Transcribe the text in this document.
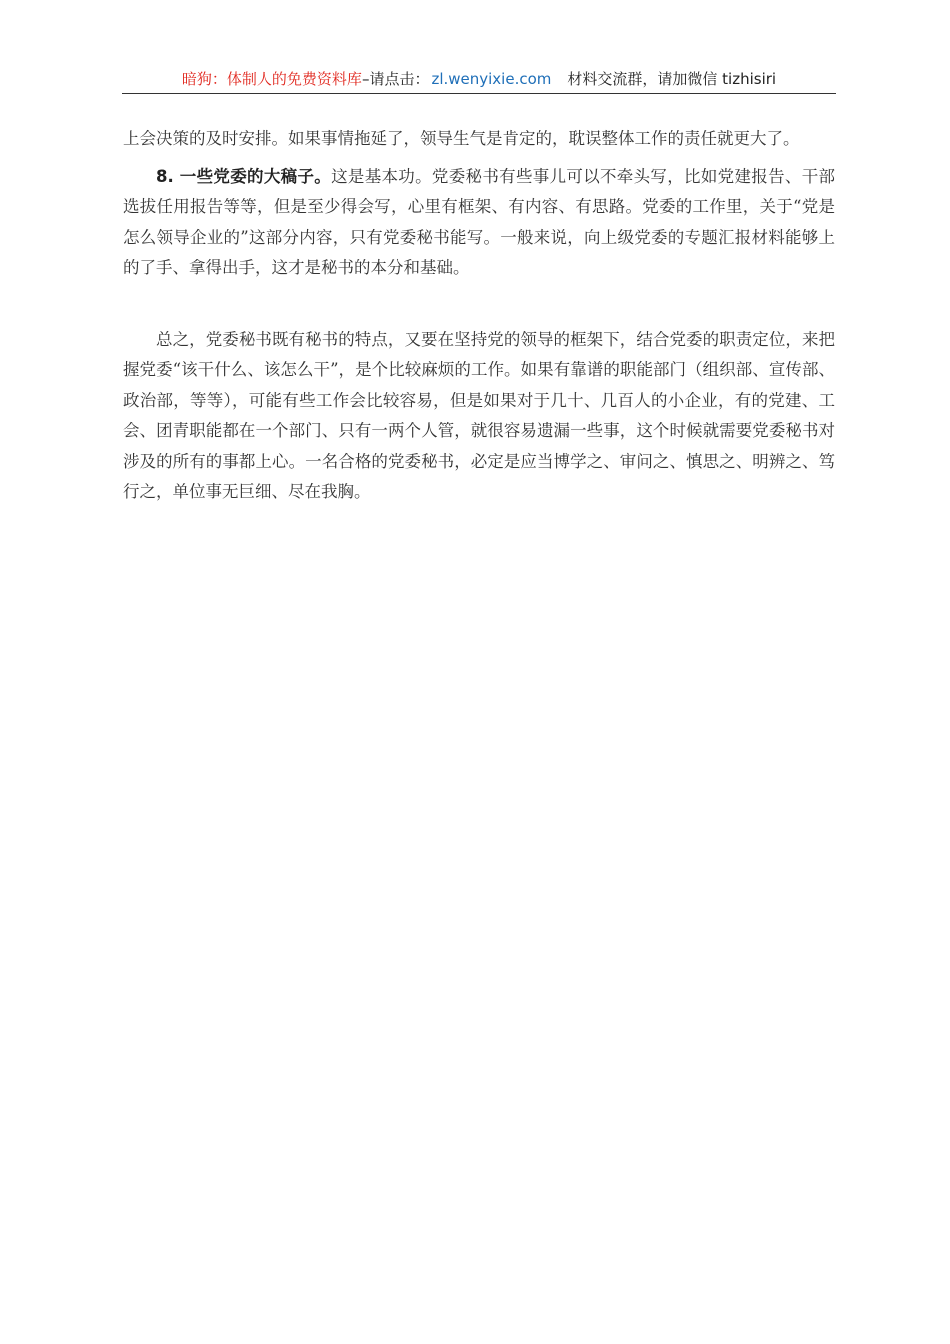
暗狗：体制人的免费资料库–请点击： zl.wenyixie.com 材料交流群，请加微信 tizhisiri

上会决策的及时安排。如果事情拖延了，领导生气是肯定的，耽误整体工作的责任就更大了。

8. 一些党委的大稿子。这是基本功。党委秘书有些事儿可以不牵头写，比如党建报告、干部选拔任用报告等等，但是至少得会写，心里有框架、有内容、有思路。党委的工作里，关于“党是怎么领导企业的”这部分内容，只有党委秘书能写。一般来说，向上级党委的专题汇报材料能够上的了手、拿得出手，这才是秘书的本分和基础。

总之，党委秘书既有秘书的特点，又要在坚持党的领导的框架下，结合党委的职责定位，来把握党委“该干什么、该怎么干”，是个比较麻烦的工作。如果有靠谱的职能部门（组织部、宣传部、政治部，等等），可能有些工作会比较容易，但是如果对于几十、几百人的小企业，有的党建、工会、团青职能都在一个部门、只有一两个人管，就很容易遗漏一些事，这个时候就需要党委秘书对涉及的所有的事都上心。一名合格的党委秘书，必定是应当博学之、审问之、慎思之、明辨之、笃行之，单位事无巨细、尽在我胸。
